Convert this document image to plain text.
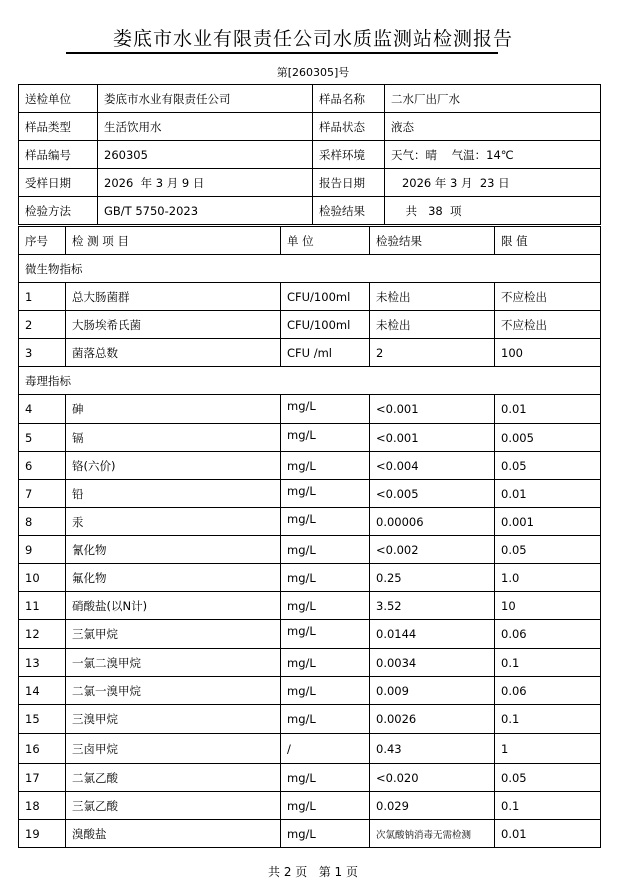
娄底市水业有限责任公司水质监测站检测报告
第[260305]号
送检单位	娄底市水业有限责任公司	样品名称	二水厂出厂水
样品类型	生活饮用水	样品状态	液态
样品编号	260305	采样环境	天气：晴    气温：14℃
受样日期	2026  年 3 月 9 日	报告日期	2026 年 3 月  23 日
检验方法	GB/T 5750-2023	检验结果	共   38  项
序号	检 测 项 目	单 位	检验结果	限 值
微生物指标				
1	总大肠菌群	CFU/100ml	未检出	不应检出
2	大肠埃希氏菌	CFU/100ml	未检出	不应检出
3	菌落总数	CFU /ml	2	100
毒理指标				
4	砷	mg/L	<0.001	0.01
5	镉	mg/L	<0.001	0.005
6	铬(六价)	mg/L	<0.004	0.05
7	铅	mg/L	<0.005	0.01
8	汞	mg/L	0.00006	0.001
9	氰化物	mg/L	<0.002	0.05
10	氟化物	mg/L	0.25	1.0
11	硝酸盐(以N计)	mg/L	3.52	10
12	三氯甲烷	mg/L	0.0144	0.06
13	一氯二溴甲烷	mg/L	0.0034	0.1
14	二氯一溴甲烷	mg/L	0.009	0.06
15	三溴甲烷	mg/L	0.0026	0.1
16	三卤甲烷	/	0.43	1
17	二氯乙酸	mg/L	<0.020	0.05
18	三氯乙酸	mg/L	0.029	0.1
19	溴酸盐	mg/L	次氯酸钠消毒无需检测	0.01
共 2 页   第 1 页
